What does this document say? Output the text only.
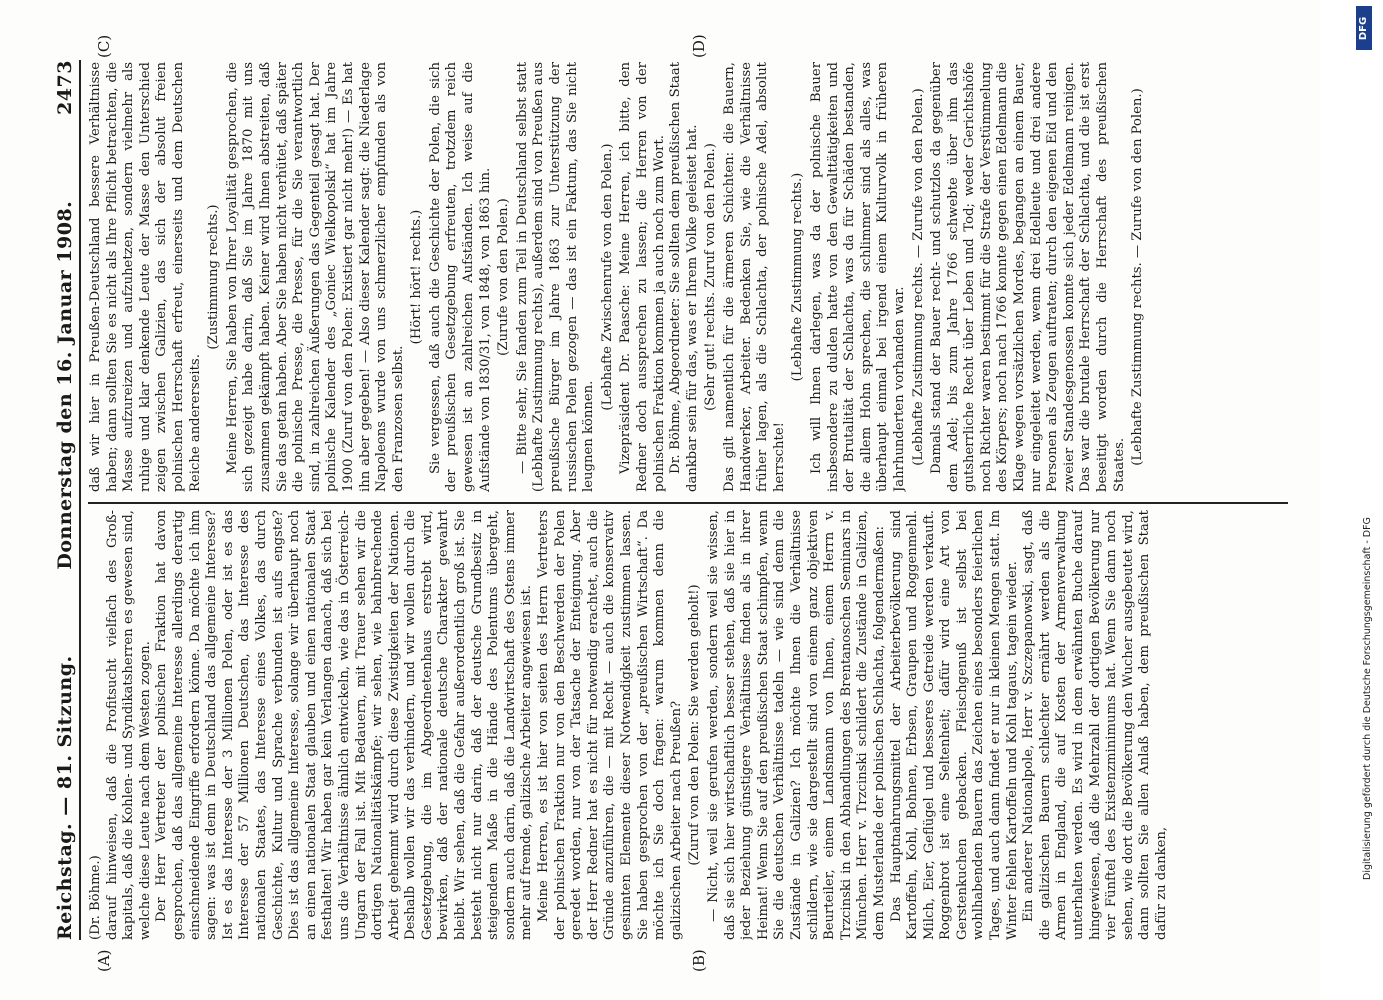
Reichstag. — 81. Sitzung.
Donnerstag den 16. Januar 1908.
2473

(Dr. Böhme.) darauf hinweisen, daß die Profitsucht vielfach des Groß-kapitals, daß die Kohlen- und Syndikatsherren es gewesen sind, welche diese Leute nach dem Westen zogen. Der Herr Vertreter der polnischen Fraktion hat davon gesprochen, daß das allgemeine Interesse allerdings derartig einschneidende Eingriffe erfordern könne. Da möchte ich ihm sagen: was ist denn in Deutschland das allgemeine Interesse? Ist es das Interesse der 3 Millionen Polen, oder ist es das Interesse der 57 Millionen Deutschen, das Interesse des nationalen Staates, das Interesse eines Volkes, das durch Geschichte, Kultur und Sprache verbunden ist aufs engste? Dies ist das allgemeine Interesse, solange wir überhaupt noch an einen nationalen Staat glauben und einen nationalen Staat festhalten! Wir haben gar kein Verlangen danach, daß sich bei uns die Verhältnisse ähnlich entwickeln, wie das in Österreich-Ungarn der Fall ist. Mit Bedauern, mit Trauer sehen wir die dortigen Nationalitätskämpfe; wir sehen, wie bahnbrechende Arbeit gehemmt wird durch diese Zwistigkeiten der Nationen. Deshalb wollen wir das verhindern, und wir wollen durch die Gesetzgebung, die im Abgeordnetenhaus erstrebt wird, bewirken, daß der nationale deutsche Charakter gewahrt bleibt. Wir sehen, daß die Gefahr außerordentlich groß ist. Sie besteht nicht nur darin, daß der deutsche Grundbesitz in steigendem Maße in die Hände des Polentums übergeht, sondern auch darin, daß die Landwirtschaft des Ostens immer mehr auf fremde, galizische Arbeiter angewiesen ist. Meine Herren, es ist hier von seiten des Herrn Vertreters der polnischen Fraktion nur von den Beschwerden der Polen geredet worden, nur von der Tatsache der Enteignung. Aber der Herr Redner hat es nicht für notwendig erachtet, auch die Gründe anzuführen, die — mit Recht — auch die konservativ gesinnten Elemente dieser Notwendigkeit zustimmen lassen. Sie haben gesprochen von der „preußischen Wirtschaft“. Da möchte ich Sie doch fragen: warum kommen denn die galizischen Arbeiter nach Preußen? (Zuruf von den Polen: Sie werden geholt!) — Nicht, weil sie gerufen werden, sondern weil sie wissen, daß sie sich hier wirtschaftlich besser stehen, daß sie hier in jeder Beziehung günstigere Verhältnisse finden als in ihrer Heimat! Wenn Sie auf den preußischen Staat schimpfen, wenn Sie die deutschen Verhältnisse tadeln — wie sind denn die Zustände in Galizien? Ich möchte Ihnen die Verhältnisse schildern, wie sie dargestellt sind von einem ganz objektiven Beurteiler, einem Landsmann von Ihnen, einem Herrn v. Trzcinski in den Abhandlungen des Brentanoschen Seminars in München. Herr v. Trzcinski schildert die Zustände in Galizien, dem Musterlande der polnischen Schlachta, folgendermaßen: Das Hauptnahrungsmittel der Arbeiterbevölkerung sind Kartoffeln, Kohl, Bohnen, Erbsen, Graupen und Roggenmehl. Milch, Eier, Geflügel und besseres Getreide werden verkauft. Roggenbrot ist eine Seltenheit; dafür wird eine Art von Gerstenkuchen gebacken. Fleischgenuß ist selbst bei wohlhabenden Bauern das Zeichen eines besonders feierlichen Tages, und auch dann findet er nur in kleinen Mengen statt. Im Winter fehlen Kartoffeln und Kohl tagaus, tagein wieder. Ein anderer Nationalpole, Herr v. Szczepanowski, sagt, daß die galizischen Bauern schlechter ernährt werden als die Armen in England, die auf Kosten der Armenverwaltung unterhalten werden. Es wird in dem erwähnten Buche darauf hingewiesen, daß die Mehrzahl der dortigen Bevölkerung nur vier Fünftel des Existenzminimums hat. Wenn Sie dann noch sehen, wie dort die Bevölkerung den Wucher ausgebeutet wird, dann sollten Sie allen Anlaß haben, dem preußischen Staat dafür zu danken,

daß wir hier in Preußen-Deutschland bessere Verhältnisse haben; dann sollten Sie es nicht als Ihre Pflicht betrachten, die Masse aufzureizen und aufzuhetzen, sondern vielmehr als ruhige und klar denkende Leute der Masse den Unterschied zeigen zwischen Galizien, das sich der absolut freien polnischen Herrschaft erfreut, einerseits und dem Deutschen Reiche andererseits.

(Zustimmung rechts.) Meine Herren, Sie haben von Ihrer Loyalität gesprochen, die sich gezeigt habe darin, daß Sie im Jahre 1870 mit uns zusammen gekämpft haben. Keiner wird Ihnen abstreiten, daß Sie das getan haben. Aber Sie haben nicht verhütet, daß später die polnische Presse, die Presse, für die Sie verantwortlich sind, in zahlreichen Äußerungen das Gegenteil gesagt hat. Der polnische Kalender des „Goniec Wielkopolski“ hat im Jahre 1900 (Zuruf von den Polen: Existiert gar nicht mehr!) — Es hat ihn aber gegeben! — Also dieser Kalender sagt: die Niederlage Napoleons wurde von uns schmerzlicher empfunden als von den Franzosen selbst.

(Hört! hört! rechts.) Sie vergessen, daß auch die Geschichte der Polen, die sich der preußischen Gesetzgebung erfreuten, trotzdem reich gewesen ist an zahlreichen Aufständen. Ich weise auf die Aufstände von 1830/31, von 1848, von 1863 hin. (Zurufe von den Polen.) — Bitte sehr, Sie fanden zum Teil in Deutschland selbst statt (Lebhafte Zustimmung rechts), außerdem sind von Preußen aus preußische Bürger im Jahre 1863 zur Unterstützung der russischen Polen gezogen — das ist ein Faktum, das Sie nicht leugnen können.

(Lebhafte Zwischenrufe von den Polen.) Vizepräsident Dr. Paasche: Meine Herren, ich bitte, den Redner doch aussprechen zu lassen; die Herren von der polnischen Fraktion kommen ja auch noch zum Wort. Dr. Böhme, Abgeordneter: Sie sollten dem preußischen Staat dankbar sein für das, was er Ihrem Volke geleistet hat. (Sehr gut! rechts. Zuruf von den Polen.) Das gilt namentlich für die ärmeren Schichten: die Bauern, Handwerker, Arbeiter. Bedenken Sie, wie die Verhältnisse früher lagen, als die Schlachta, der polnische Adel, absolut herrschte!

(Lebhafte Zustimmung rechts.) Ich will Ihnen darlegen, was da der polnische Bauer insbesondere zu dulden hatte von den Gewalttätigkeiten und der Brutalität der Schlachta, was da für Schäden bestanden, die allem Hohn sprechen, die schlimmer sind als alles, was überhaupt einmal bei irgend einem Kulturvolk in früheren Jahrhunderten vorhanden war. (Lebhafte Zustimmung rechts. — Zurufe von den Polen.) Damals stand der Bauer recht- und schutzlos da gegenüber dem Adel; bis zum Jahre 1766 schwebte über ihm das gutsherrliche Recht über Leben und Tod; weder Gerichtshöfe noch Richter waren bestimmt für die Strafe der Verstümmelung des Körpers; noch nach 1766 konnte gegen einen Edelmann die Klage wegen vorsätzlichen Mordes, begangen an einem Bauer, nur eingeleitet werden, wenn drei Edelleute und drei andere Personen als Zeugen auftraten; durch den eigenen Eid und den zweier Standesgenossen konnte sich jeder Edelmann reinigen. Das war die brutale Herrschaft der Schlachta, und die ist erst beseitigt worden durch die Herrschaft des preußischen Staates. (Lebhafte Zustimmung rechts. — Zurufe von den Polen.)

(A)	(B)
(C)	(D)
DFG
Digitalisierung gefördert durch die Deutsche Forschungsgemeinschaft - DFG
